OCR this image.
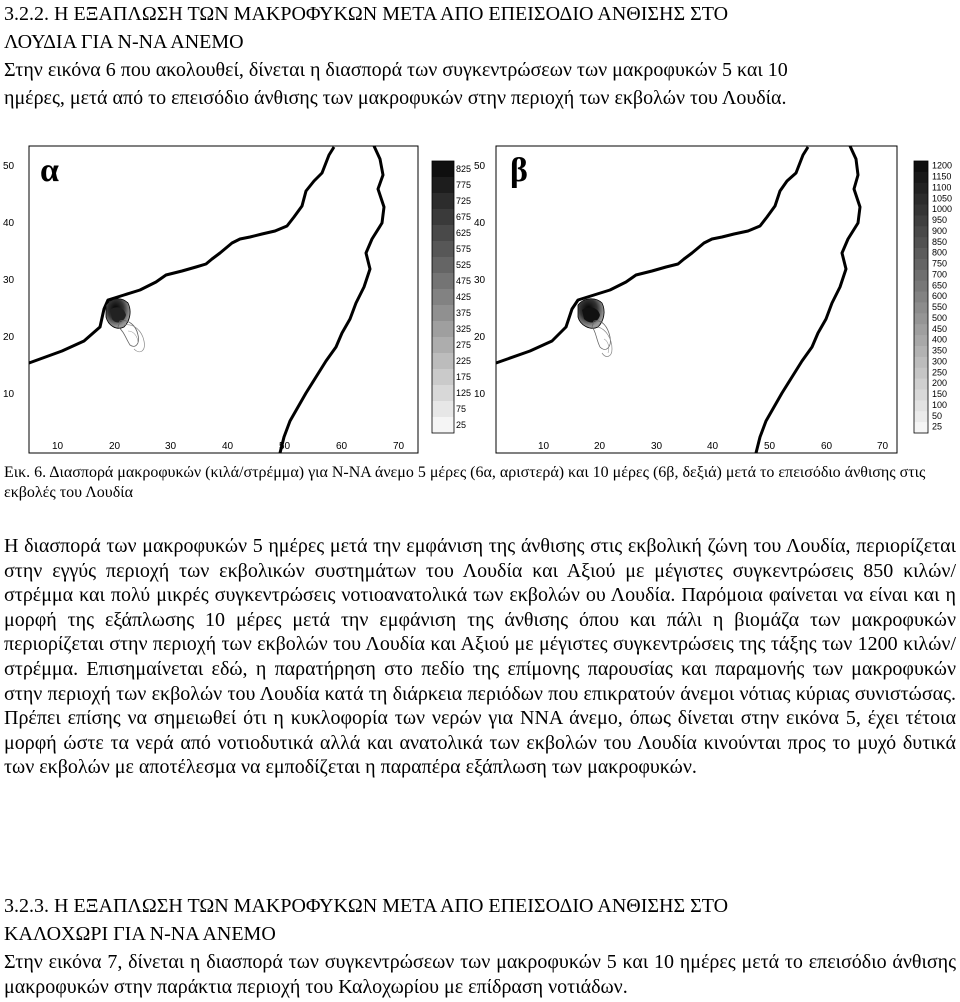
3.2.2. Η ΕΞΑΠΛΩΣΗ ΤΩΝ ΜΑΚΡΟΦΥΚΩΝ ΜΕΤΑ ΑΠΟ ΕΠΕΙΣΟΔΙΟ ΑΝΘΙΣΗΣ ΣΤΟ
ΛΟΥΔΙΑ ΓΙΑ Ν-ΝΑ ΑΝΕΜΟ
Στην εικόνα 6 που ακολουθεί, δίνεται η διασπορά των συγκεντρώσεων των μακροφυκών 5 και 10
ημέρες, μετά από το επεισόδιο άνθισης των μακροφυκών στην περιοχή των εκβολών του Λουδία.
α
50
40
30
20
10
10	20	30	40	50	60	70
825
775
725
675
625
575
525
475
425
375
325
275
225
175
125
75
25
β
50
40
30
20
10
10	20	30	40	50	60	70
1200
1150
1100
1050
1000
950
900
850
800
750
700
650
600
550
500
450
400
350
300
250
200
150
100
50
25
Εικ. 6. Διασπορά μακροφυκών (κιλά/στρέμμα) για Ν-ΝΑ άνεμο 5 μέρες (6α, αριστερά) και 10 μέρες (6β, δεξιά) μετά το επεισόδιο άνθισης στις εκβολές του Λουδία
Η διασπορά των μακροφυκών 5 ημέρες μετά την εμφάνιση της άνθισης στις εκβολική ζώνη του Λουδία, περιορίζεται στην εγγύς περιοχή των εκβολικών συστημάτων του Λουδία και Αξιού με μέγιστες συγκεντρώσεις 850 κιλών/στρέμμα και πολύ μικρές συγκεντρώσεις νοτιοανατολικά των εκβολών ου Λουδία. Παρόμοια φαίνεται να είναι και η μορφή της εξάπλωσης 10 μέρες μετά την εμφάνιση της άνθισης όπου και πάλι η βιομάζα των μακροφυκών περιορίζεται στην περιοχή των εκβολών του Λουδία και Αξιού με μέγιστες συγκεντρώσεις της τάξης των 1200 κιλών/στρέμμα. Επισημαίνεται εδώ, η παρατήρηση στο πεδίο της επίμονης παρουσίας και παραμονής των μακροφυκών στην περιοχή των εκβολών του Λουδία κατά τη διάρκεια περιόδων που επικρατούν άνεμοι νότιας κύριας συνιστώσας. Πρέπει επίσης να σημειωθεί ότι η κυκλοφορία των νερών για ΝΝΑ άνεμο, όπως δίνεται στην εικόνα 5, έχει τέτοια μορφή ώστε τα νερά από νοτιοδυτικά αλλά και ανατολικά των εκβολών του Λουδία κινούνται προς το μυχό δυτικά των εκβολών με αποτέλεσμα να εμποδίζεται η παραπέρα εξάπλωση των μακροφυκών.
3.2.3. Η ΕΞΑΠΛΩΣΗ ΤΩΝ ΜΑΚΡΟΦΥΚΩΝ ΜΕΤΑ ΑΠΟ ΕΠΕΙΣΟΔΙΟ ΑΝΘΙΣΗΣ ΣΤΟ
ΚΑΛΟΧΩΡΙ ΓΙΑ Ν-ΝΑ ΑΝΕΜΟ
Στην εικόνα 7, δίνεται η διασπορά των συγκεντρώσεων των μακροφυκών 5 και 10 ημέρες μετά το επεισόδιο άνθισης μακροφυκών στην παράκτια περιοχή του Καλοχωρίου με επίδραση νοτιάδων.
